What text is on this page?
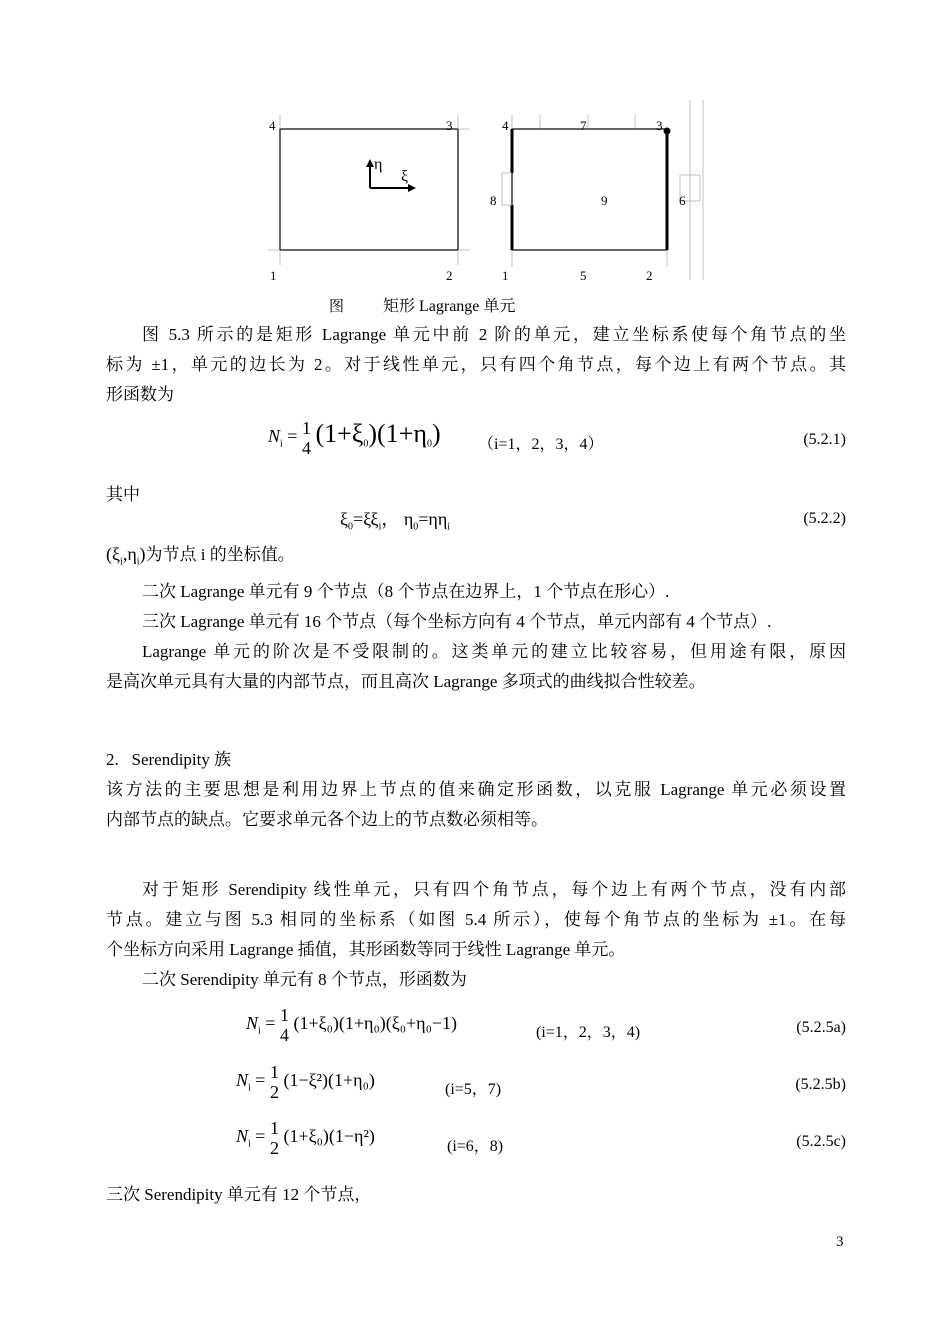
4	3
1	2
η
ξ
4	7	3
8	9	6
1	5	2
图 矩形 Lagrange 单元
图 5.3 所示的是矩形 Lagrange 单元中前 2 阶的单元，建立坐标系使每个角节点的坐
标为 ±1，单元的边长为 2。对于线性单元，只有四个角节点，每个边上有两个节点。其
形函数为
$N_i = 1$
4 $(1+\xi_0)(1+\eta_0)$ （i=1，2，3，4）	(5.2.1)
其中
$\xi_0=\xi\xi_i$， $\eta_0=\eta\eta_i$
(5.2.2)
$(\xi_i,\eta_i)$为节点 i 的坐标值。
二次 Lagrange 单元有 9 个节点（8 个节点在边界上，1 个节点在形心）.
三次 Lagrange 单元有 16 个节点（每个坐标方向有 4 个节点，单元内部有 4 个节点）.
Lagrange 单元的阶次是不受限制的。这类单元的建立比较容易，但用途有限，原因
是高次单元具有大量的内部节点，而且高次 Lagrange 多项式的曲线拟合性较差。
2. Serendipity 族
该方法的主要思想是利用边界上节点的值来确定形函数，以克服 Lagrange 单元必须设置
内部节点的缺点。它要求单元各个边上的节点数必须相等。
对于矩形 Serendipity 线性单元，只有四个角节点，每个边上有两个节点，没有内部
节点。建立与图 5.3 相同的坐标系（如图 5.4 所示），使每个角节点的坐标为 ±1。在每
个坐标方向采用 Lagrange 插值，其形函数等同于线性 Lagrange 单元。
二次 Serendipity 单元有 8 个节点，形函数为
$N_i = 1$
4
(1+ξ₀)(1+η₀)(ξ₀+η₀−1)	(i=1，2，3，4)	(5.2.5a)
$N_i = 1$
2
(1−ξ²)(1+η₀)	(i=5，7)	(5.2.5b)
$N_i = 1$
2
(1+ξ₀)(1−η²)
(i=6，8)	(5.2.5c)
三次 Serendipity 单元有 12 个节点，
3
